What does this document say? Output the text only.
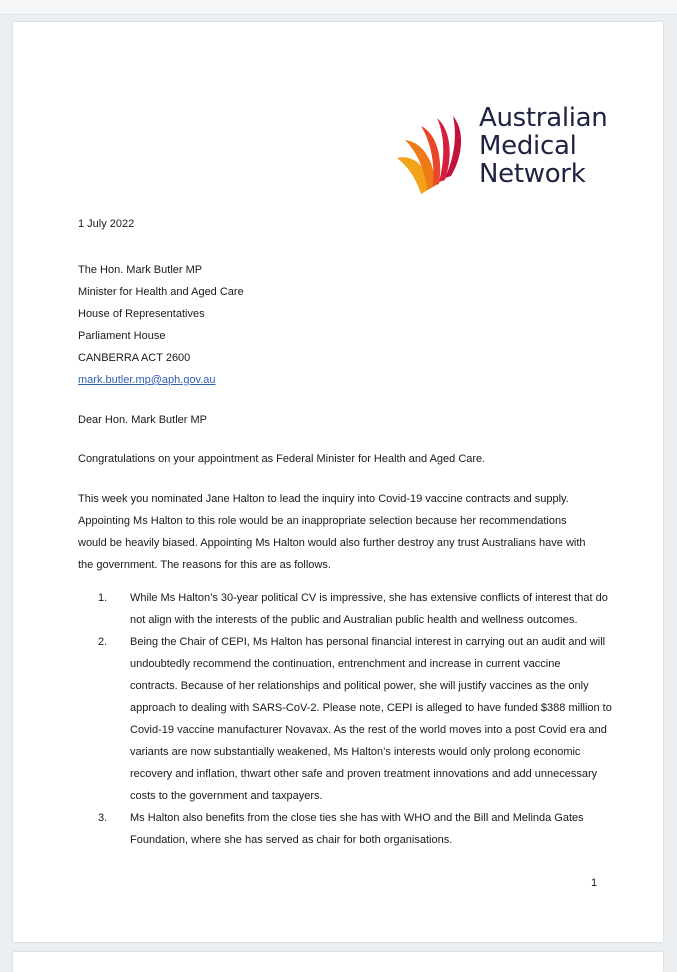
Australian
Medical
Network
1 July 2022
The Hon. Mark Butler MP
Minister for Health and Aged Care
House of Representatives
Parliament House
CANBERRA ACT 2600
mark.butler.mp@aph.gov.au
Dear Hon. Mark Butler MP
Congratulations on your appointment as Federal Minister for Health and Aged Care.
This week you nominated Jane Halton to lead the inquiry into Covid-19 vaccine contracts and supply.
Appointing Ms Halton to this role would be an inappropriate selection because her recommendations
would be heavily biased. Appointing Ms Halton would also further destroy any trust Australians have with
the government. The reasons for this are as follows.
1. While Ms Halton’s 30-year political CV is impressive, she has extensive conflicts of interest that do
not align with the interests of the public and Australian public health and wellness outcomes.
2. Being the Chair of CEPI, Ms Halton has personal financial interest in carrying out an audit and will
undoubtedly recommend the continuation, entrenchment and increase in current vaccine
contracts. Because of her relationships and political power, she will justify vaccines as the only
approach to dealing with SARS-CoV-2. Please note, CEPI is alleged to have funded $388 million to
Covid-19 vaccine manufacturer Novavax. As the rest of the world moves into a post Covid era and
variants are now substantially weakened, Ms Halton’s interests would only prolong economic
recovery and inflation, thwart other safe and proven treatment innovations and add unnecessary
costs to the government and taxpayers.
3. Ms Halton also benefits from the close ties she has with WHO and the Bill and Melinda Gates
Foundation, where she has served as chair for both organisations.
1
